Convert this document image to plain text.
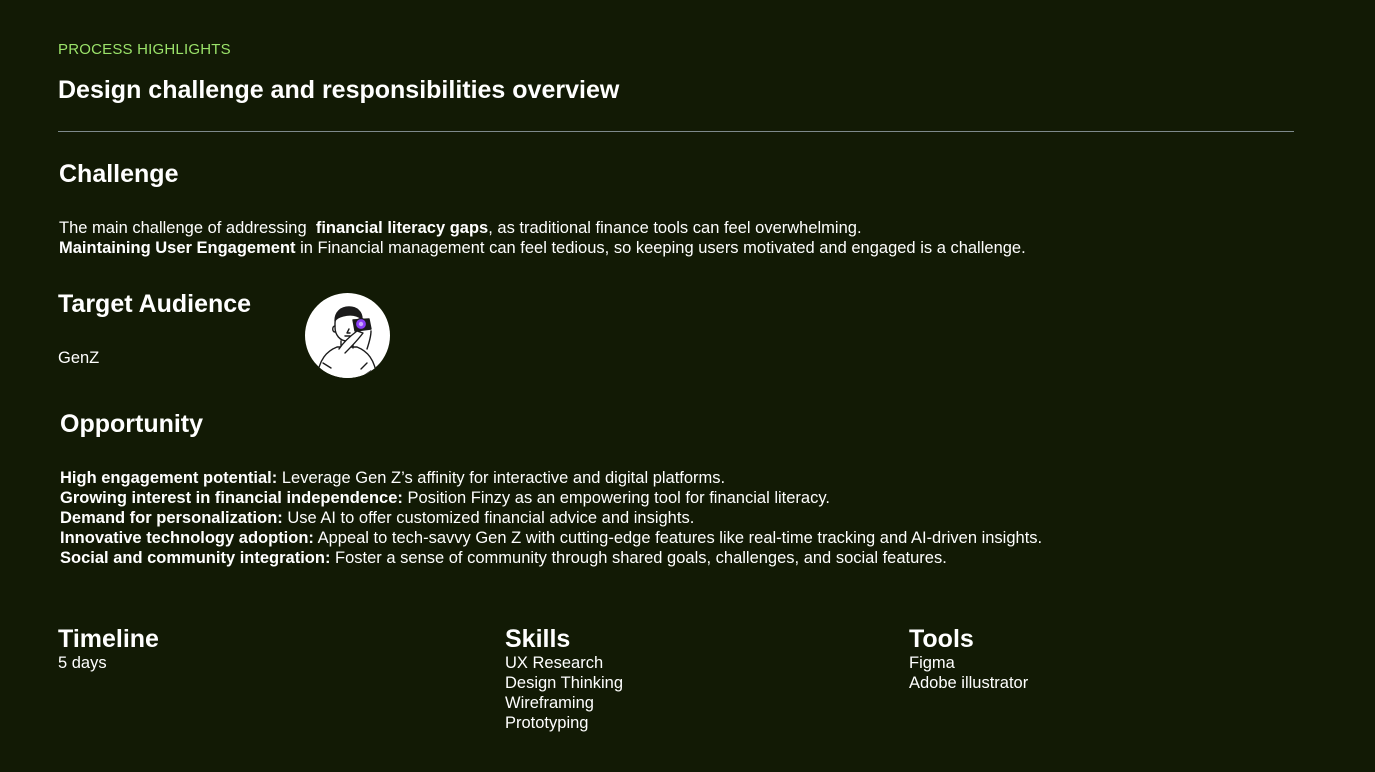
PROCESS HIGHLIGHTS
Design challenge and responsibilities overview
Challenge
The main challenge of addressing  financial literacy gaps, as traditional finance tools can feel overwhelming.
Maintaining User Engagement in Financial management can feel tedious, so keeping users motivated and engaged is a challenge.
Target Audience
GenZ
Opportunity
High engagement potential: Leverage Gen Z’s affinity for interactive and digital platforms.
Growing interest in financial independence: Position Finzy as an empowering tool for financial literacy.
Demand for personalization: Use AI to offer customized financial advice and insights.
Innovative technology adoption: Appeal to tech-savvy Gen Z with cutting-edge features like real-time tracking and AI-driven insights.
Social and community integration: Foster a sense of community through shared goals, challenges, and social features.
Timeline
5 days
Skills
UX Research
Design Thinking
Wireframing
Prototyping
Tools
Figma
Adobe illustrator
